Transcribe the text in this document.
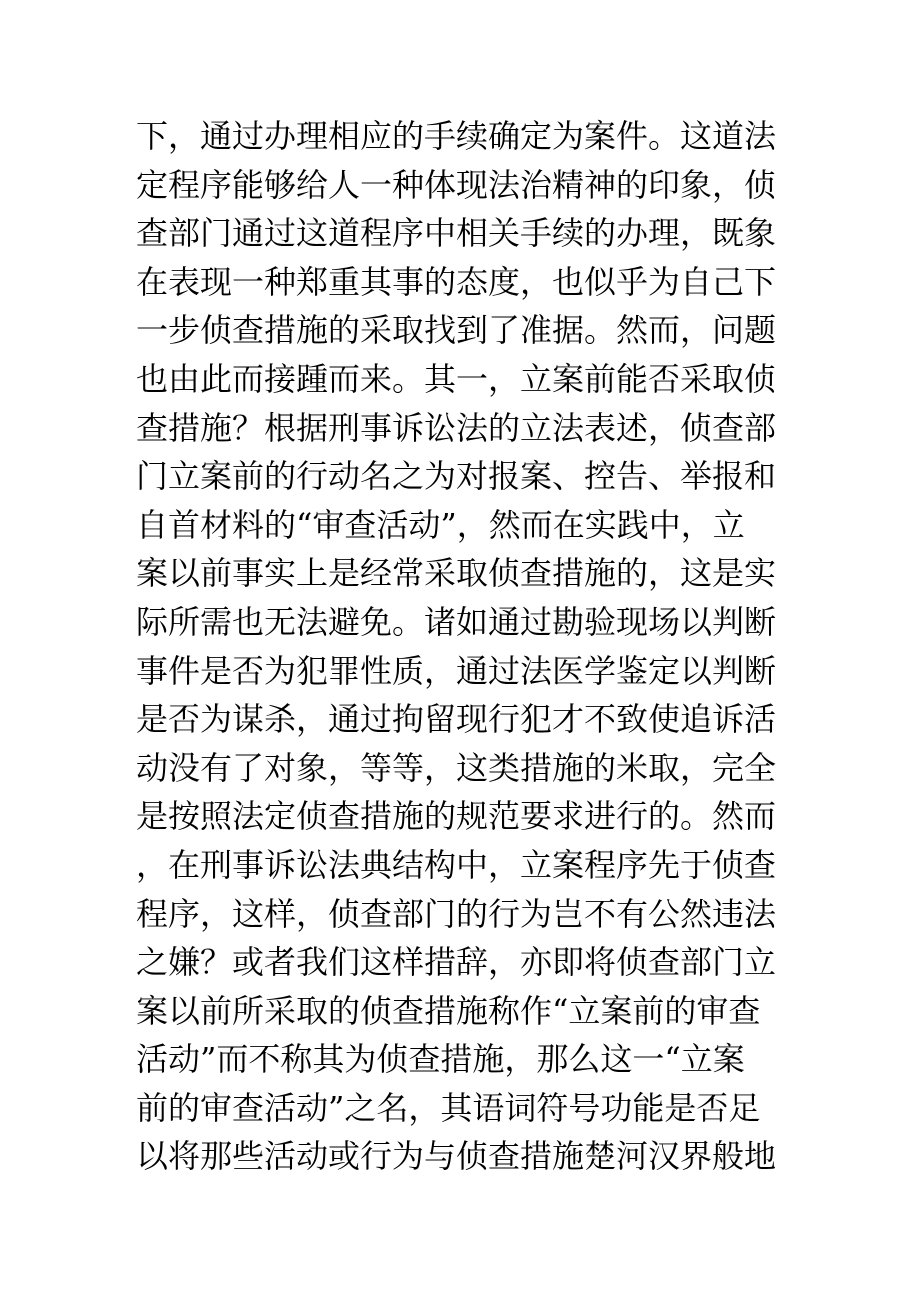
下，通过办理相应的手续确定为案件。这道法
定程序能够给人一种体现法治精神的印象，侦
查部门通过这道程序中相关手续的办理，既象
在表现一种郑重其事的态度，也似乎为自己下
一步侦查措施的采取找到了准据。然而，问题
也由此而接踵而来。其一，立案前能否采取侦
查措施？根据刑事诉讼法的立法表述，侦查部
门立案前的行动名之为对报案、控告、举报和
自首材料的“审查活动”，然而在实践中，立
案以前事实上是经常采取侦查措施的，这是实
际所需也无法避免。诸如通过勘验现场以判断
事件是否为犯罪性质，通过法医学鉴定以判断
是否为谋杀，通过拘留现行犯才不致使追诉活
动没有了对象，等等，这类措施的米取，完全
是按照法定侦查措施的规范要求进行的。然而
，在刑事诉讼法典结构中，立案程序先于侦查
程序，这样，侦查部门的行为岂不有公然违法
之嫌？或者我们这样措辞，亦即将侦查部门立
案以前所采取的侦查措施称作“立案前的审查
活动”而不称其为侦查措施，那么这一“立案
前的审查活动”之名，其语词符号功能是否足
以将那些活动或行为与侦查措施楚河汉界般地
